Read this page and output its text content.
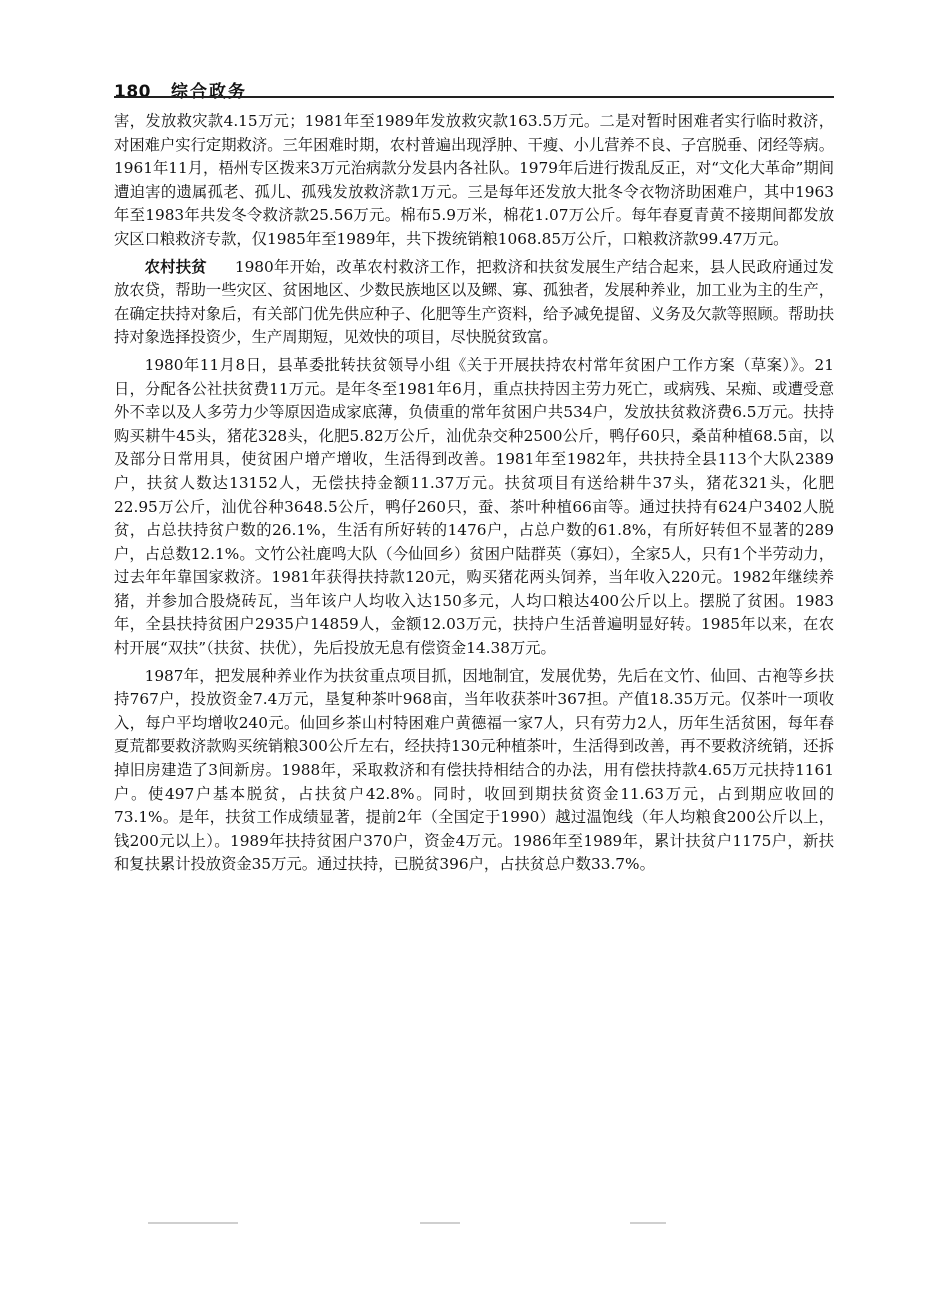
180 综合政务

害，发放救灾款4.15万元；1981年至1989年发放救灾款163.5万元。二是对暂时困难者实行临时救济，对困难户实行定期救济。三年困难时期，农村普遍出现浮肿、干瘦、小儿营养不良、子宫脱垂、闭经等病。1961年11月，梧州专区拨来3万元治病款分发县内各社队。1979年后进行拨乱反正，对“文化大革命”期间遭迫害的遗属孤老、孤儿、孤残发放救济款1万元。三是每年还发放大批冬令衣物济助困难户，其中1963年至1983年共发冬令救济款25.56万元。棉布5.9万米，棉花1.07万公斤。每年春夏青黄不接期间都发放灾区口粮救济专款，仅1985年至1989年，共下拨统销粮1068.85万公斤，口粮救济款99.47万元。

农村扶贫 1980年开始，改革农村救济工作，把救济和扶贫发展生产结合起来，县人民政府通过发放农贷，帮助一些灾区、贫困地区、少数民族地区以及鳏、寡、孤独者，发展种养业，加工业为主的生产，在确定扶持对象后，有关部门优先供应种子、化肥等生产资料，给予减免提留、义务及欠款等照顾。帮助扶持对象选择投资少，生产周期短，见效快的项目，尽快脱贫致富。

1980年11月8日，县革委批转扶贫领导小组《关于开展扶持农村常年贫困户工作方案（草案）》。21日，分配各公社扶贫费11万元。是年冬至1981年6月，重点扶持因主劳力死亡，或病残、呆痴、或遭受意外不幸以及人多劳力少等原因造成家底薄，负债重的常年贫困户共534户，发放扶贫救济费6.5万元。扶持购买耕牛45头，猪花328头，化肥5.82万公斤，汕优杂交种2500公斤，鸭仔60只，桑苗种植68.5亩，以及部分日常用具，使贫困户增产增收，生活得到改善。1981年至1982年，共扶持全县113个大队2389户，扶贫人数达13152人，无偿扶持金额11.37万元。扶贫项目有送给耕牛37头，猪花321头，化肥22.95万公斤，汕优谷种3648.5公斤，鸭仔260只，蚕、茶叶种植66亩等。通过扶持有624户3402人脱贫，占总扶持贫户数的26.1%，生活有所好转的1476户，占总户数的61.8%，有所好转但不显著的289户，占总数12.1%。文竹公社鹿鸣大队（今仙回乡）贫困户陆群英（寡妇），全家5人，只有1个半劳动力，过去年年靠国家救济。1981年获得扶持款120元，购买猪花两头饲养，当年收入220元。1982年继续养猪，并参加合股烧砖瓦，当年该户人均收入达150多元，人均口粮达400公斤以上。摆脱了贫困。1983年，全县扶持贫困户2935户14859人，金额12.03万元，扶持户生活普遍明显好转。1985年以来，在农村开展“双扶”（扶贫、扶优），先后投放无息有偿资金14.38万元。

1987年，把发展种养业作为扶贫重点项目抓，因地制宜，发展优势，先后在文竹、仙回、古袍等乡扶持767户，投放资金7.4万元，垦复种茶叶968亩，当年收获茶叶367担。产值18.35万元。仅茶叶一项收入，每户平均增收240元。仙回乡茶山村特困难户黄德福一家7人，只有劳力2人，历年生活贫困，每年春夏荒都要救济款购买统销粮300公斤左右，经扶持130元种植茶叶，生活得到改善，再不要救济统销，还拆掉旧房建造了3间新房。1988年，采取救济和有偿扶持相结合的办法，用有偿扶持款4.65万元扶持1161户。使497户基本脱贫，占扶贫户42.8%。同时，收回到期扶贫资金11.63万元，占到期应收回的73.1%。是年，扶贫工作成绩显著，提前2年（全国定于1990）越过温饱线（年人均粮食200公斤以上，钱200元以上）。1989年扶持贫困户370户，资金4万元。1986年至1989年，累计扶贫户1175户，新扶和复扶累计投放资金35万元。通过扶持，已脱贫396户，占扶贫总户数33.7%。
